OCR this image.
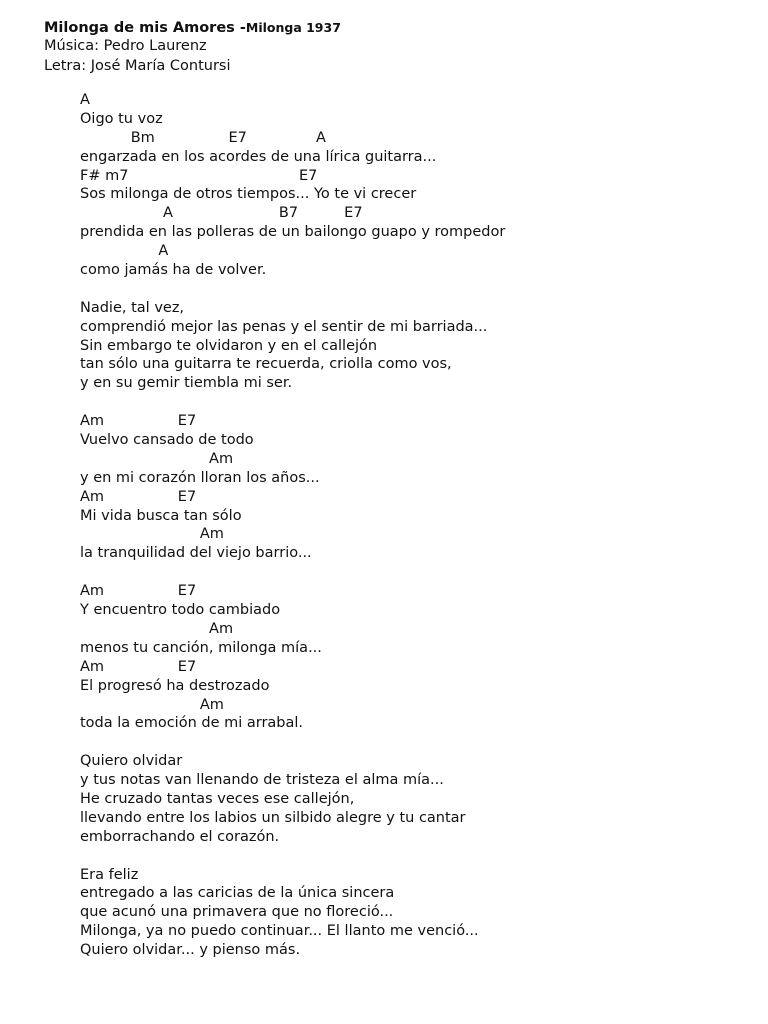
Milonga de mis Amores -Milonga 1937
Música: Pedro Laurenz
Letra: José María Contursi
A
Oigo tu voz
Bm                E7               A
engarzada en los acordes de una lírica guitarra...
F# m7                                     E7
Sos milonga de otros tiempos... Yo te vi crecer
A                       B7          E7
prendida en las polleras de un bailongo guapo y rompedor
A
como jamás ha de volver.
Nadie, tal vez,
comprendió mejor las penas y el sentir de mi barriada...
Sin embargo te olvidaron y en el callejón
tan sólo una guitarra te recuerda, criolla como vos,
y en su gemir tiembla mi ser.
Am                E7
Vuelvo cansado de todo
Am
y en mi corazón lloran los años...
Am                E7
Mi vida busca tan sólo
Am
la tranquilidad del viejo barrio...
Am                E7
Y encuentro todo cambiado
Am
menos tu canción, milonga mía...
Am                E7
El progresó ha destrozado
Am
toda la emoción de mi arrabal.
Quiero olvidar
y tus notas van llenando de tristeza el alma mía...
He cruzado tantas veces ese callejón,
llevando entre los labios un silbido alegre y tu cantar
emborrachando el corazón.
Era feliz
entregado a las caricias de la única sincera
que acunó una primavera que no floreció...
Milonga, ya no puedo continuar... El llanto me venció...
Quiero olvidar... y pienso más.
